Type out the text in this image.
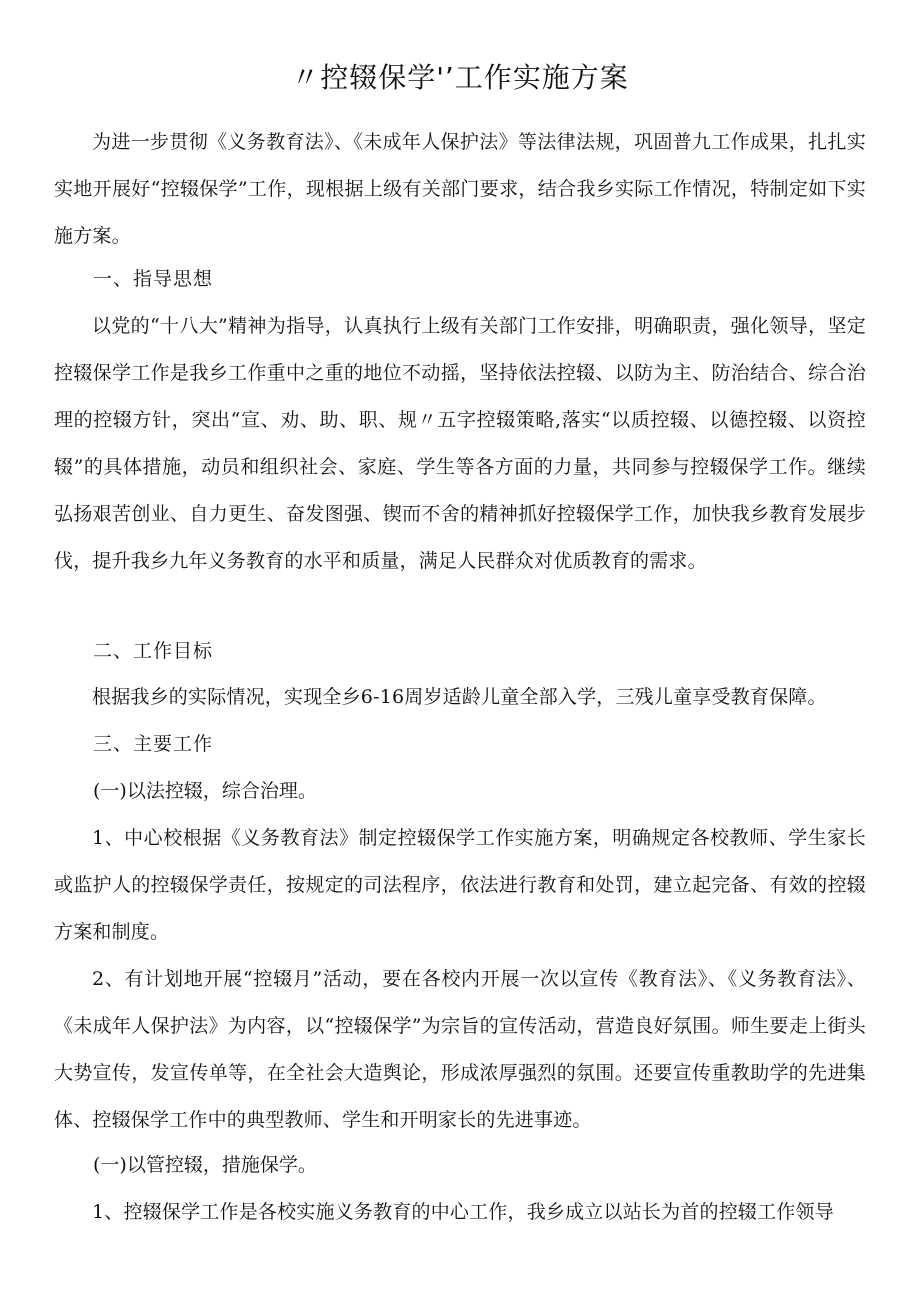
〃控辍保学'’工作实施方案

为进一步贯彻《义务教育法》、《未成年人保护法》等法律法规，巩固普九工作成果，扎扎实实地开展好“控辍保学”工作，现根据上级有关部门要求，结合我乡实际工作情况，特制定如下实施方案。

一、指导思想

以党的“十八大”精神为指导，认真执行上级有关部门工作安排，明确职责，强化领导，坚定控辍保学工作是我乡工作重中之重的地位不动摇，坚持依法控辍、以防为主、防治结合、综合治理的控辍方针，突出“宣、劝、助、职、规〃五字控辍策略,落实“以质控辍、以德控辍、以资控辍”的具体措施，动员和组织社会、家庭、学生等各方面的力量，共同参与控辍保学工作。继续弘扬艰苦创业、自力更生、奋发图强、锲而不舍的精神抓好控辍保学工作，加快我乡教育发展步伐，提升我乡九年义务教育的水平和质量，满足人民群众对优质教育的需求。

二、工作目标

根据我乡的实际情况，实现全乡6-16周岁适龄儿童全部入学，三残儿童享受教育保障。

三、主要工作

(一)以法控辍，综合治理。

1、中心校根据《义务教育法》制定控辍保学工作实施方案，明确规定各校教师、学生家长或监护人的控辍保学责任，按规定的司法程序，依法进行教育和处罚，建立起完备、有效的控辍方案和制度。

2、有计划地开展“控辍月”活动，要在各校内开展一次以宣传《教育法》、《义务教育法》、《未成年人保护法》为内容，以“控辍保学”为宗旨的宣传活动，营造良好氛围。师生要走上街头大势宣传，发宣传单等，在全社会大造舆论，形成浓厚强烈的氛围。还要宣传重教助学的先进集体、控辍保学工作中的典型教师、学生和开明家长的先进事迹。

(一)以管控辍，措施保学。

1、控辍保学工作是各校实施义务教育的中心工作，我乡成立以站长为首的控辍工作领导
